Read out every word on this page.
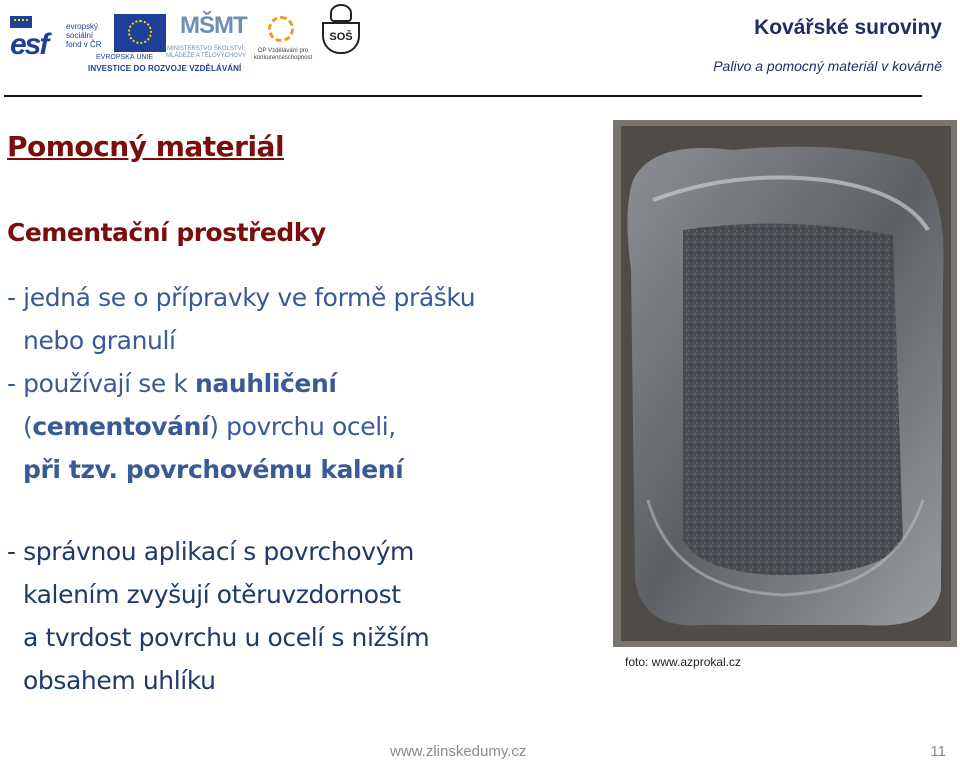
esf
evropský sociální fond v ČR
EVROPSKÁ UNIE
MŠMT
MINISTERSTVO ŠKOLSTVÍ, MLÁDEŽE A TĚLOVÝCHOVY
OP Vzdělávání pro konkurenceschopnost
SOŠ
INVESTICE DO ROZVOJE VZDĚLÁVÁNÍ
Kovářské suroviny
Palivo a pomocný materiál v kovárně
Pomocný materiál
Cementační prostředky
- jedná se o přípravky ve formě prášku
nebo granulí
- používají se k nauhličení
(cementování) povrchu oceli,
při tzv. povrchovému kalení
- správnou aplikací s povrchovým
kalením zvyšují otěruvzdornost
a tvrdost povrchu u ocelí s nižším
obsahem uhlíku
foto: www.azprokal.cz
www.zlinskedumy.cz	11
